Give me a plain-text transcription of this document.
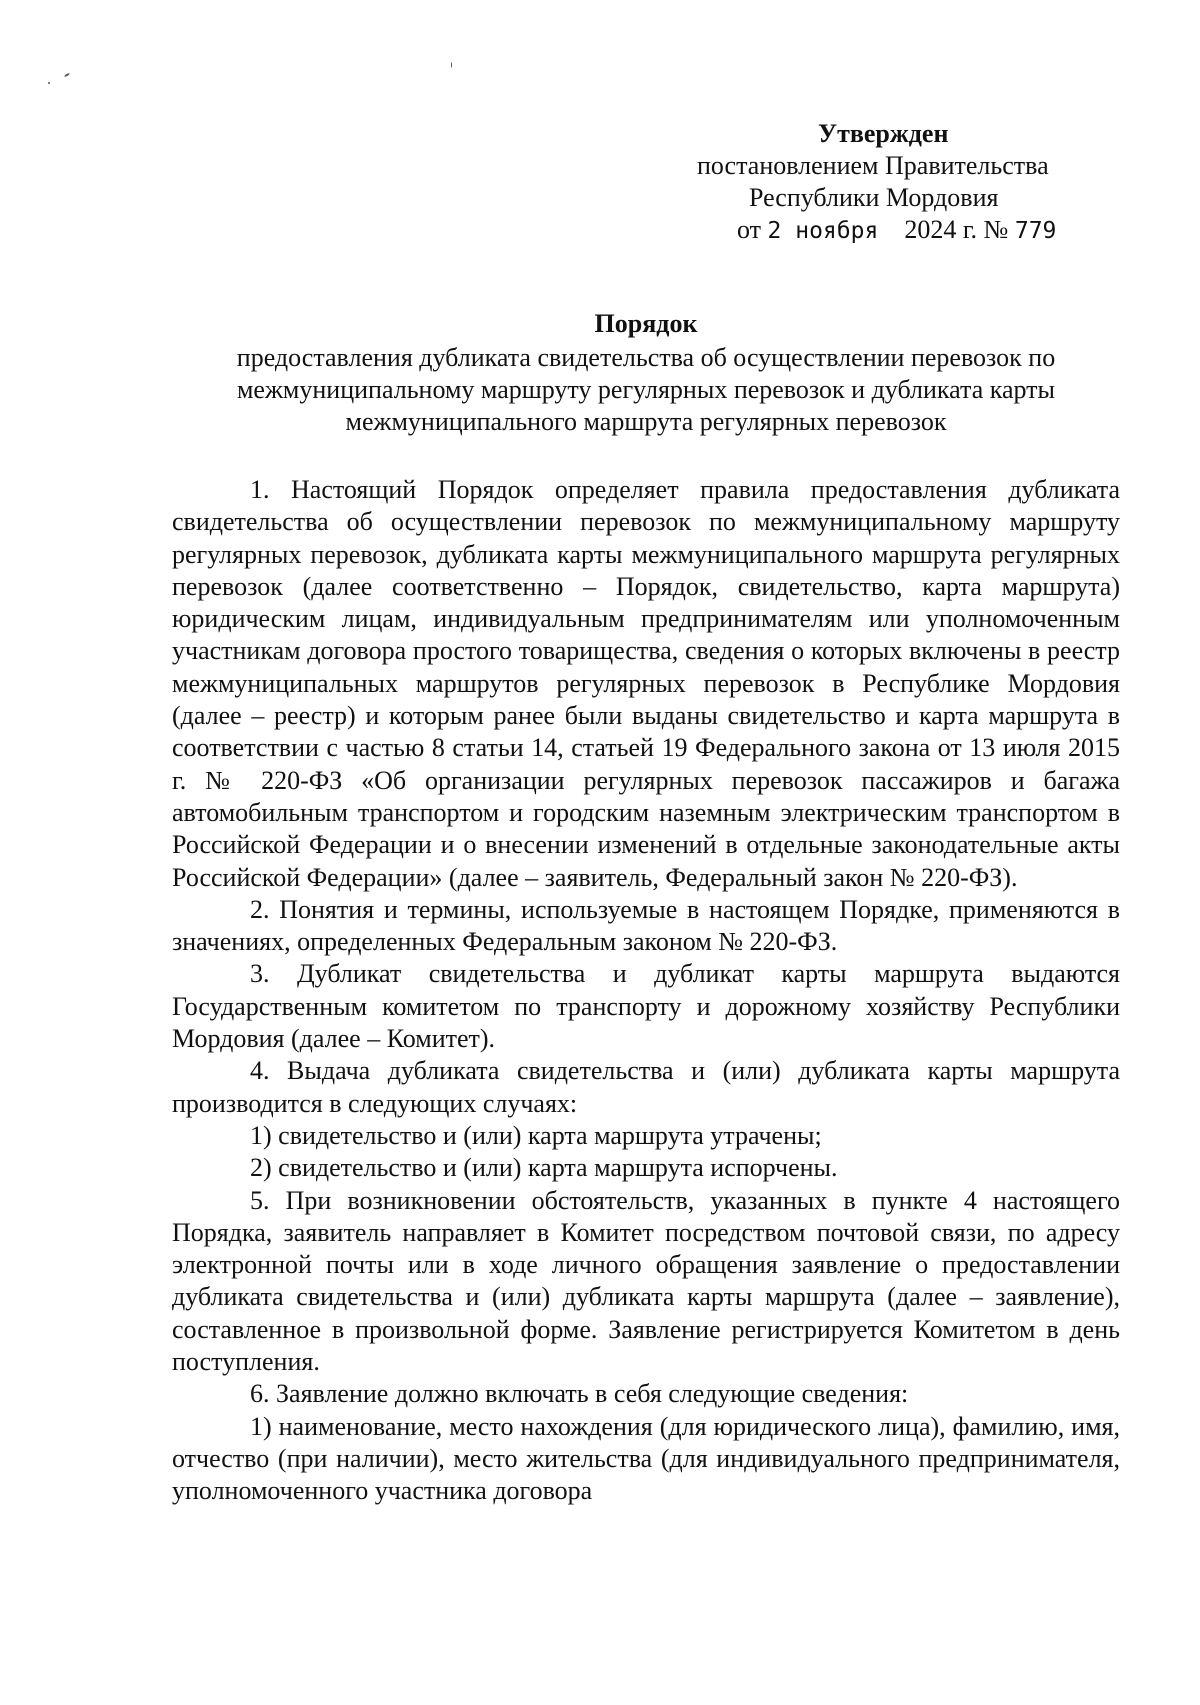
Утвержден
постановлением Правительства
Республики Мордовия
от 2 ноября 2024 г. № 779
Порядок
предоставления дубликата свидетельства об осуществлении перевозок по межмуниципальному маршруту регулярных перевозок и дубликата карты межмуниципального маршрута регулярных перевозок

1. Настоящий Порядок определяет правила предоставления дубликата свидетельства об осуществлении перевозок по межмуниципальному маршруту регулярных перевозок, дубликата карты межмуниципального маршрута регулярных перевозок (далее соответственно – Порядок, свидетельство, карта маршрута) юридическим лицам, индивидуальным предпринимателям или уполномоченным участникам договора простого товарищества, сведения о которых включены в реестр межмуниципальных маршрутов регулярных перевозок в Республике Мордовия (далее – реестр) и которым ранее были выданы свидетельство и карта маршрута в соответствии с частью 8 статьи 14, статьей 19 Федерального закона от 13 июля 2015 г. № 220-ФЗ «Об организации регулярных перевозок пассажиров и багажа автомобильным транспортом и городским наземным электрическим транспортом в Российской Федерации и о внесении изменений в отдельные законодательные акты Российской Федерации» (далее – заявитель, Федеральный закон № 220-ФЗ).

2. Понятия и термины, используемые в настоящем Порядке, применяются в значениях, определенных Федеральным законом № 220-ФЗ.

3. Дубликат свидетельства и дубликат карты маршрута выдаются Государственным комитетом по транспорту и дорожному хозяйству Республики Мордовия (далее – Комитет).

4. Выдача дубликата свидетельства и (или) дубликата карты маршрута производится в следующих случаях:

1) свидетельство и (или) карта маршрута утрачены;

2) свидетельство и (или) карта маршрута испорчены.

5. При возникновении обстоятельств, указанных в пункте 4 настоящего Порядка, заявитель направляет в Комитет посредством почтовой связи, по адресу электронной почты или в ходе личного обращения заявление о предоставлении дубликата свидетельства и (или) дубликата карты маршрута (далее – заявление), составленное в произвольной форме. Заявление регистрируется Комитетом в день поступления.

6. Заявление должно включать в себя следующие сведения:

1) наименование, место нахождения (для юридического лица), фамилию, имя, отчество (при наличии), место жительства (для индивидуального предпринимателя, уполномоченного участника договора
